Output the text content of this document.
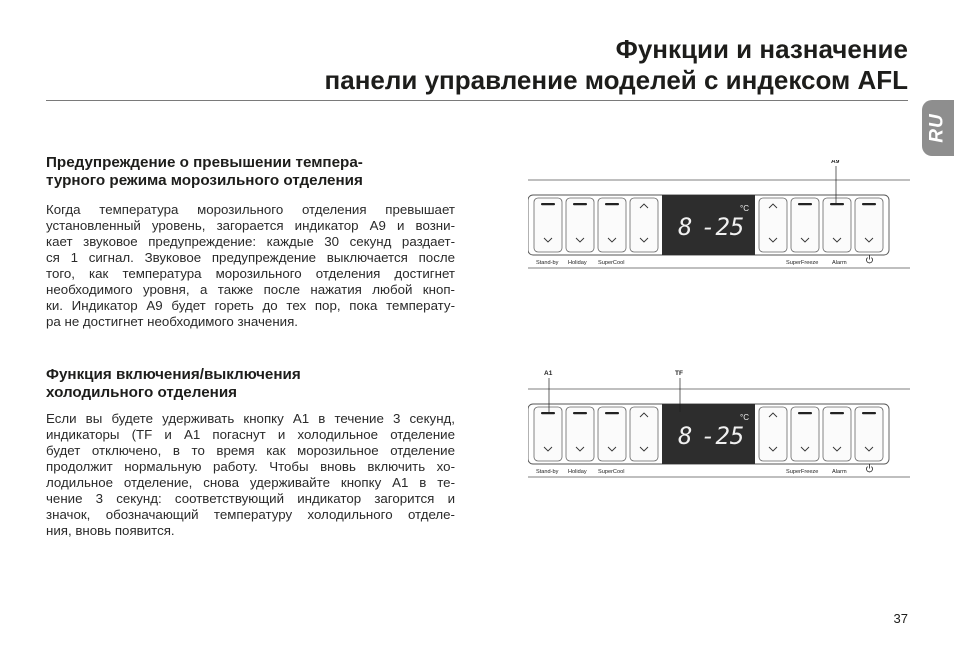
Функции и назначение
панели управление моделей с индексом AFL
RU
Предупреждение о превышении темпера-
турного режима морозильного отделения
Когда температура морозильного отделения превышает
установленный уровень, загорается индикатор A9 и возни-
кает звуковое предупреждение: каждые 30 секунд раздает-
ся 1 сигнал. Звуковое предупреждение выключается после
того, как температура морозильного отделения достигнет
необходимого уровня, а также после нажатия любой кноп-
ки. Индикатор A9 будет гореть до тех пор, пока температу-
ра не достигнет необходимого значения.
Функция включения/выключения
холодильного отделения
Если вы будете удерживать кнопку A1 в течение 3 секунд,
индикаторы (TF и A1 погаснут и холодильное отделение
будет отключено, в то время как морозильное отделение
продолжит нормальную работу. Чтобы вновь включить хо-
лодильное отделение, снова удерживайте кнопку A1 в те-
чение 3 секунд: соответствующий индикатор загорится и
значок, обозначающий температуру холодильного отделе-
ния, вновь появится.
8 -25
°C
Stand-by Holiday SuperCool	SuperFreeze Alarm
A9
8 -25
°C
Stand-by Holiday SuperCool	SuperFreeze Alarm
A1	TF
37
